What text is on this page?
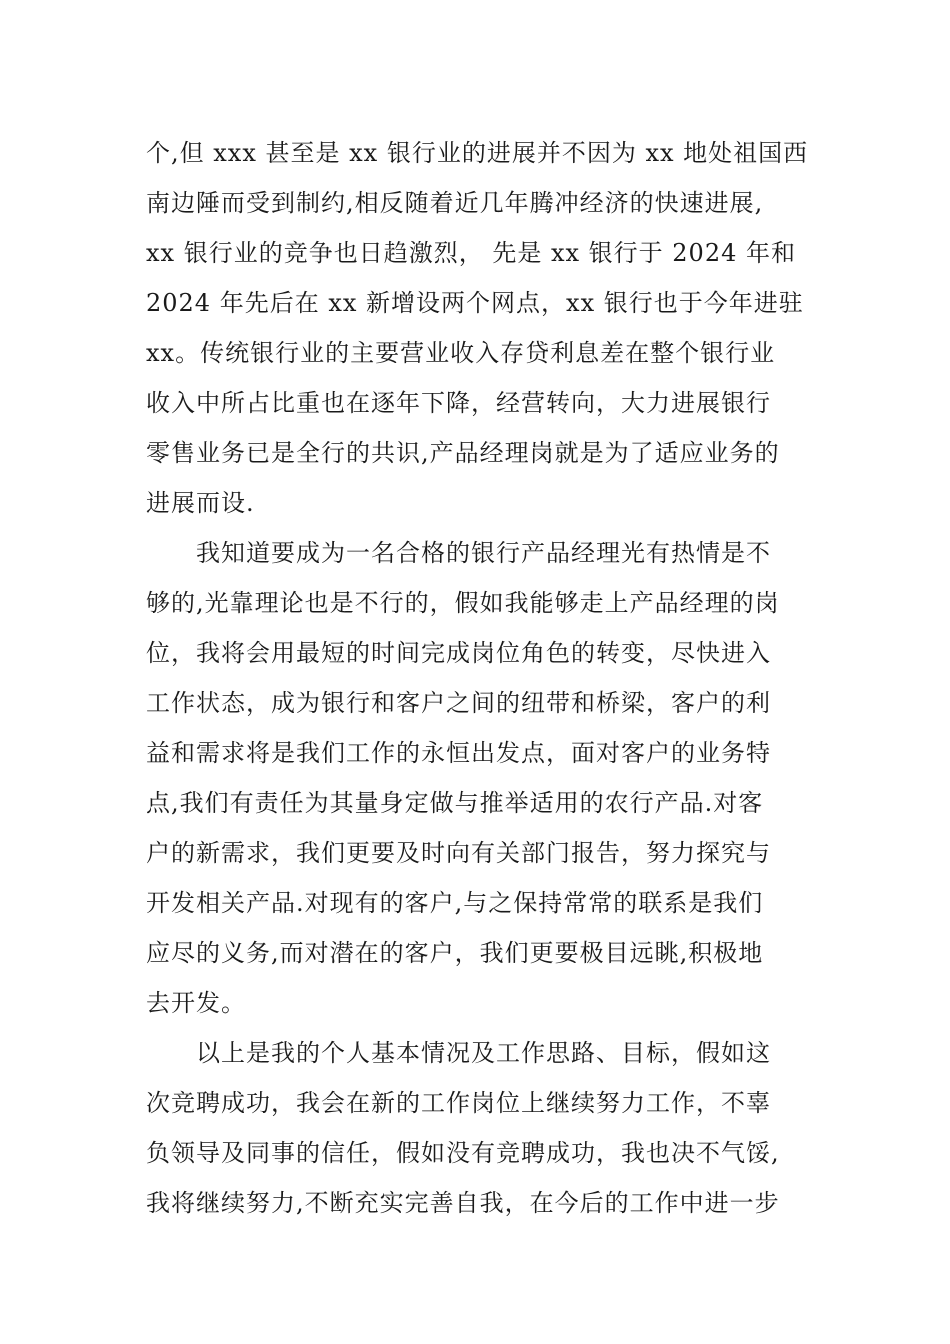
个,但 xxx 甚至是 xx 银行业的进展并不因为 xx 地处祖国西
南边陲而受到制约,相反随着近几年腾冲经济的快速进展,
xx 银行业的竞争也日趋激烈， 先是 xx 银行于 2024 年和
2024 年先后在 xx 新增设两个网点，xx 银行也于今年进驻
xx。传统银行业的主要营业收入存贷利息差在整个银行业
收入中所占比重也在逐年下降，经营转向，大力进展银行
零售业务已是全行的共识,产品经理岗就是为了适应业务的
进展而设.
我知道要成为一名合格的银行产品经理光有热情是不
够的,光靠理论也是不行的，假如我能够走上产品经理的岗
位，我将会用最短的时间完成岗位角色的转变，尽快进入
工作状态，成为银行和客户之间的纽带和桥梁，客户的利
益和需求将是我们工作的永恒出发点，面对客户的业务特
点,我们有责任为其量身定做与推举适用的农行产品.对客
户的新需求，我们更要及时向有关部门报告，努力探究与
开发相关产品.对现有的客户,与之保持常常的联系是我们
应尽的义务,而对潜在的客户，我们更要极目远眺,积极地
去开发。
以上是我的个人基本情况及工作思路、目标，假如这
次竞聘成功，我会在新的工作岗位上继续努力工作，不辜
负领导及同事的信任，假如没有竞聘成功，我也决不气馁,
我将继续努力,不断充实完善自我，在今后的工作中进一步
